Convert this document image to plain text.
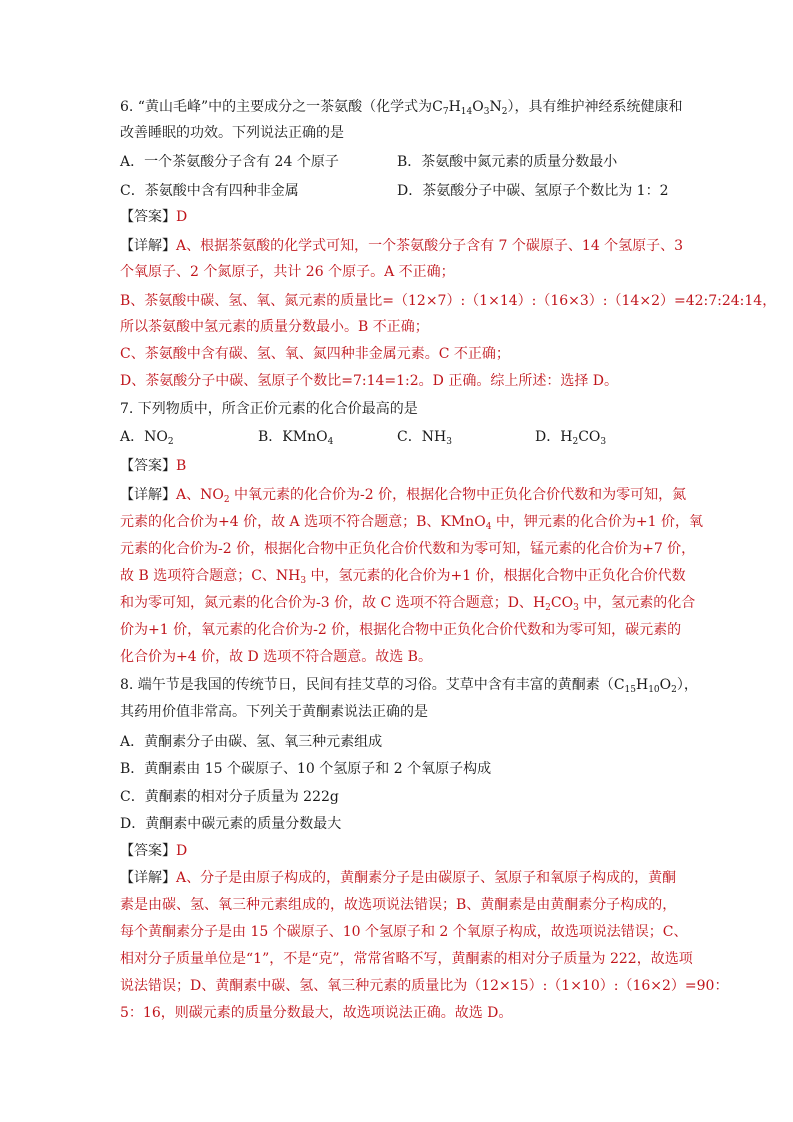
6. “黄山毛峰”中的主要成分之一茶氨酸（化学式为$C_7H_{14}O_3N_2$），具有维护神经系统健康和
改善睡眠的功效。下列说法正确的是
A．一个茶氨酸分子含有 24 个原子	B．茶氨酸中氮元素的质量分数最小
C．茶氨酸中含有四种非金属	D．茶氨酸分子中碳、氢原子个数比为 1：2
【答案】D
【详解】A、根据茶氨酸的化学式可知，一个茶氨酸分子含有 7 个碳原子、14 个氢原子、3
个氧原子、2 个氮原子，共计 26 个原子。A 不正确；
B、茶氨酸中碳、氢、氧、氮元素的质量比=（12×7）:（1×14）:（16×3）:（14×2）=42:7:24:14，
所以茶氨酸中氢元素的质量分数最小。B 不正确；
C、茶氨酸中含有碳、氢、氧、氮四种非金属元素。C 不正确；
D、茶氨酸分子中碳、氢原子个数比=7:14=1:2。D 正确。综上所述：选择 D。
7. 下列物质中，所含正价元素的化合价最高的是
A．$NO_2$	B．KMnO$_4$	C．$NH_3$	D．$H_2CO_3$
【答案】B
【详解】A、$NO_2$ 中氧元素的化合价为-2 价，根据化合物中正负化合价代数和为零可知，氮
元素的化合价为+4 价，故 A 选项不符合题意；B、KMnO$_4$ 中，钾元素的化合价为+1 价，氧
元素的化合价为-2 价，根据化合物中正负化合价代数和为零可知，锰元素的化合价为+7 价，
故 B 选项符合题意；C、$NH_3$ 中，氢元素的化合价为+1 价，根据化合物中正负化合价代数
和为零可知，氮元素的化合价为-3 价，故 C 选项不符合题意；D、$H_2CO_3$ 中，氢元素的化合
价为+1 价，氧元素的化合价为-2 价，根据化合物中正负化合价代数和为零可知，碳元素的
化合价为+4 价，故 D 选项不符合题意。故选 B。
8. 端午节是我国的传统节日，民间有挂艾草的习俗。艾草中含有丰富的黄酮素$(C_{15}H_{10}O_2)$，
其药用价值非常高。下列关于黄酮素说法正确的是
A．黄酮素分子由碳、氢、氧三种元素组成
B．黄酮素由 15 个碳原子、10 个氢原子和 2 个氧原子构成
C．黄酮素的相对分子质量为 222g
D．黄酮素中碳元素的质量分数最大
【答案】D
【详解】A、分子是由原子构成的，黄酮素分子是由碳原子、氢原子和氧原子构成的，黄酮
素是由碳、氢、氧三种元素组成的，故选项说法错误；B、黄酮素是由黄酮素分子构成的，
每个黄酮素分子是由 15 个碳原子、10 个氢原子和 2 个氧原子构成，故选项说法错误；C、
相对分子质量单位是“1”，不是“克”，常常省略不写，黄酮素的相对分子质量为 222，故选项
说法错误；D、黄酮素中碳、氢、氧三种元素的质量比为（12×15）:（1×10）:（16×2）=90：
5：16，则碳元素的质量分数最大，故选项说法正确。故选 D。
